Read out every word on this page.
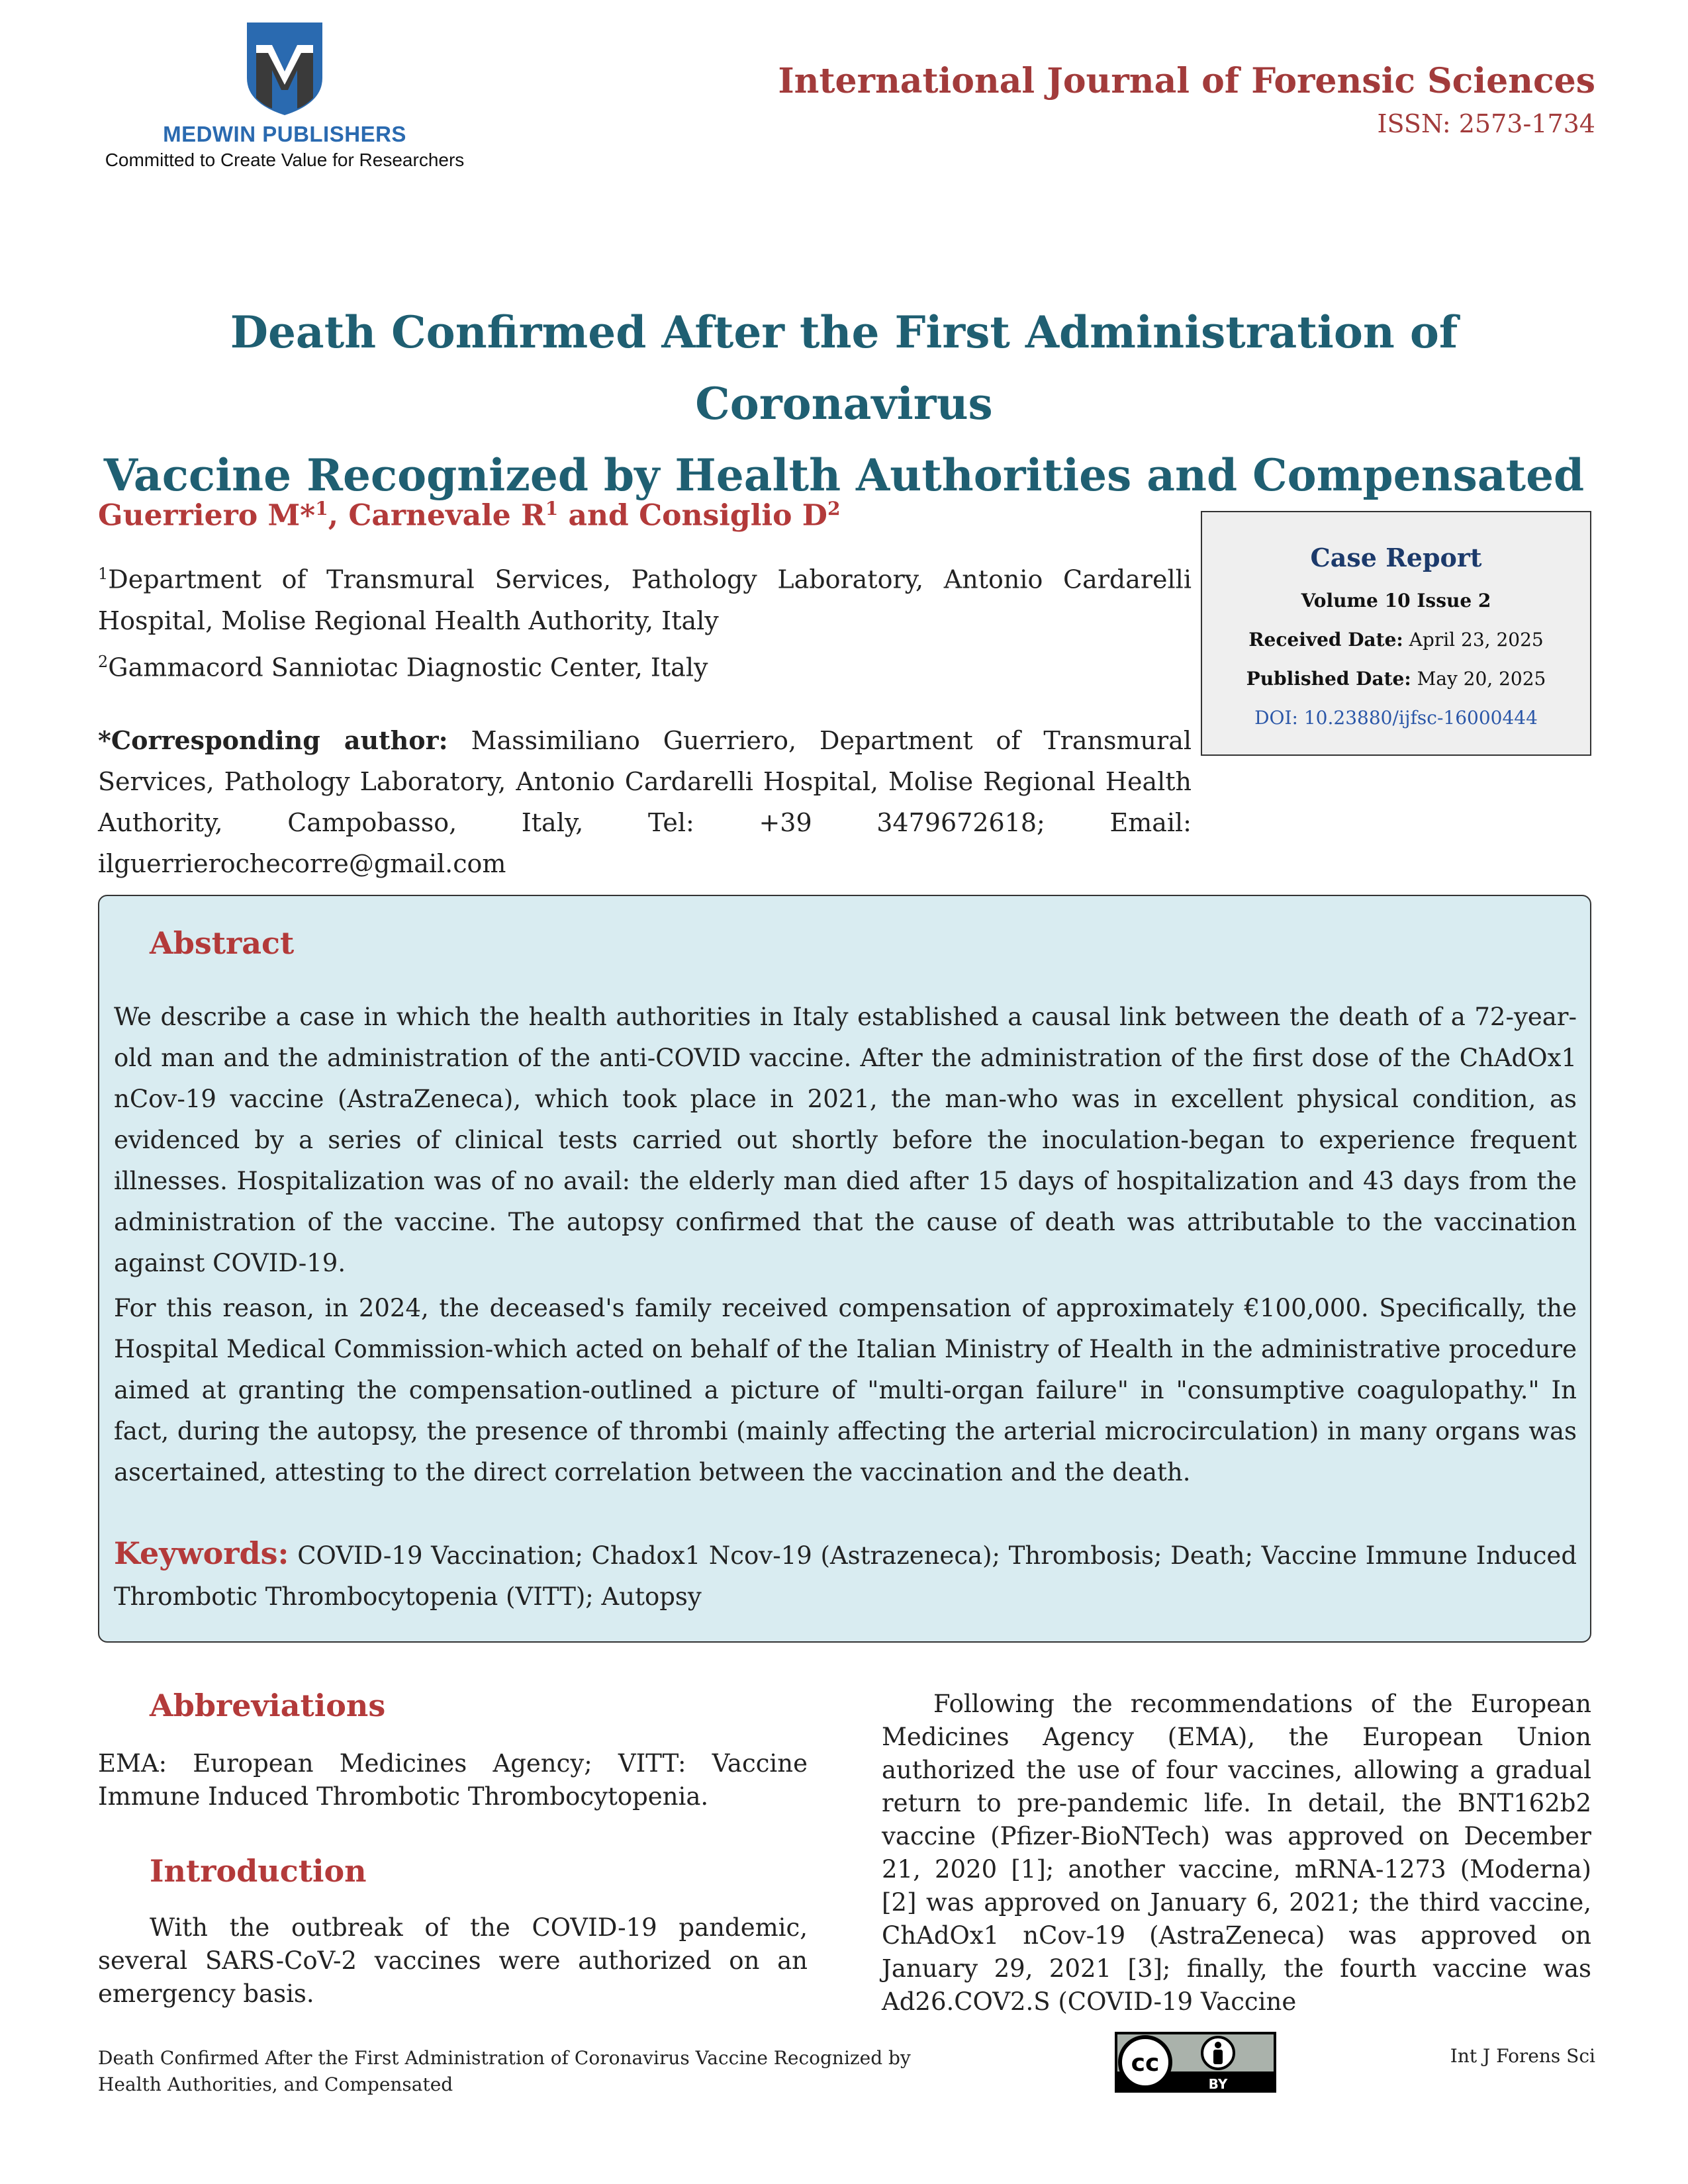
MEDWIN PUBLISHERS
Committed to Create Value for Researchers
International Journal of Forensic Sciences
ISSN: 2573-1734
Death Confirmed After the First Administration of Coronavirus
Vaccine Recognized by Health Authorities and Compensated
Guerriero M*$^1$, Carnevale $R^1$ and Consiglio $D^2$

$^1$Department of Transmural Services, Pathology Laboratory, Antonio Cardarelli Hospital, Molise Regional Health Authority, Italy

$^2$Gammacord Sanniotac Diagnostic Center, Italy

*Corresponding author: Massimiliano Guerriero, Department of Transmural Services, Pathology Laboratory, Antonio Cardarelli Hospital, Molise Regional Health Authority, Campobasso, Italy, Tel: +39 3479672618; Email: ilguerrierochecorre@gmail.com
Case Report
Volume 10 Issue 2
Received Date: April 23, 2025
Published Date: May 20, 2025
DOI: 10.23880/ijfsc-16000444
Abstract

We describe a case in which the health authorities in Italy established a causal link between the death of a 72-year-old man and the administration of the anti-COVID vaccine. After the administration of the first dose of the ChAdOx1 nCov-19 vaccine (AstraZeneca), which took place in 2021, the man-who was in excellent physical condition, as evidenced by a series of clinical tests carried out shortly before the inoculation-began to experience frequent illnesses. Hospitalization was of no avail: the elderly man died after 15 days of hospitalization and 43 days from the administration of the vaccine. The autopsy confirmed that the cause of death was attributable to the vaccination against COVID-19.

For this reason, in 2024, the deceased's family received compensation of approximately €100,000. Specifically, the Hospital Medical Commission-which acted on behalf of the Italian Ministry of Health in the administrative procedure aimed at granting the compensation-outlined a picture of "multi-organ failure" in "consumptive coagulopathy." In fact, during the autopsy, the presence of thrombi (mainly affecting the arterial microcirculation) in many organs was ascertained, attesting to the direct correlation between the vaccination and the death.

Keywords: COVID-19 Vaccination; Chadox1 Ncov-19 (Astrazeneca); Thrombosis; Death; Vaccine Immune Induced Thrombotic Thrombocytopenia (VITT); Autopsy

Abbreviations

EMA: European Medicines Agency; VITT: Vaccine Immune Induced Thrombotic Thrombocytopenia.

Introduction

With the outbreak of the COVID-19 pandemic, several SARS-CoV-2 vaccines were authorized on an emergency basis.

Following the recommendations of the European Medicines Agency (EMA), the European Union authorized the use of four vaccines, allowing a gradual return to pre-pandemic life. In detail, the BNT162b2 vaccine (Pfizer-BioNTech) was approved on December 21, 2020 [1]; another vaccine, mRNA-1273 (Moderna) [2] was approved on January 6, 2021; the third vaccine, ChAdOx1 nCov-19 (AstraZeneca) was approved on January 29, 2021 [3]; finally, the fourth vaccine was Ad26.COV2.S (COVID-19 Vaccine

Death Confirmed After the First Administration of Coronavirus Vaccine Recognized by Health Authorities, and Compensated
cc
BY
Int J Forens Sci
